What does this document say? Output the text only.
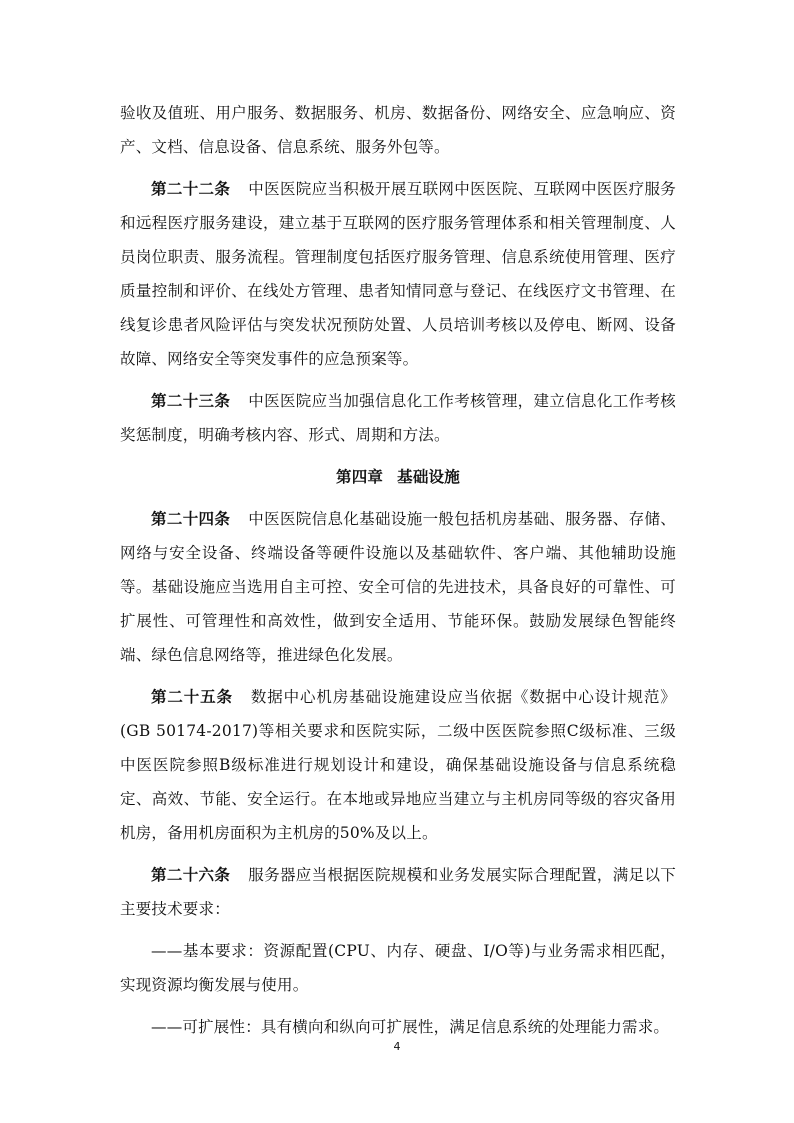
验收及值班、用户服务、数据服务、机房、数据备份、网络安全、应急响应、资产、文档、信息设备、信息系统、服务外包等。

第二十二条 中医医院应当积极开展互联网中医医院、互联网中医医疗服务和远程医疗服务建设，建立基于互联网的医疗服务管理体系和相关管理制度、人员岗位职责、服务流程。管理制度包括医疗服务管理、信息系统使用管理、医疗质量控制和评价、在线处方管理、患者知情同意与登记、在线医疗文书管理、在线复诊患者风险评估与突发状况预防处置、人员培训考核以及停电、断网、设备故障、网络安全等突发事件的应急预案等。

第二十三条 中医医院应当加强信息化工作考核管理，建立信息化工作考核奖惩制度，明确考核内容、形式、周期和方法。

第四章 基础设施

第二十四条 中医医院信息化基础设施一般包括机房基础、服务器、存储、网络与安全设备、终端设备等硬件设施以及基础软件、客户端、其他辅助设施等。基础设施应当选用自主可控、安全可信的先进技术，具备良好的可靠性、可扩展性、可管理性和高效性，做到安全适用、节能环保。鼓励发展绿色智能终端、绿色信息网络等，推进绿色化发展。

第二十五条 数据中心机房基础设施建设应当依据《数据中心设计规范》(GB 50174-2017)等相关要求和医院实际，二级中医医院参照C级标准、三级中医医院参照B级标准进行规划设计和建设，确保基础设施设备与信息系统稳定、高效、节能、安全运行。在本地或异地应当建立与主机房同等级的容灾备用机房，备用机房面积为主机房的50%及以上。

第二十六条 服务器应当根据医院规模和业务发展实际合理配置，满足以下主要技术要求：

——基本要求：资源配置(CPU、内存、硬盘、I/O等)与业务需求相匹配，实现资源均衡发展与使用。

——可扩展性：具有横向和纵向可扩展性，满足信息系统的处理能力需求。

4
